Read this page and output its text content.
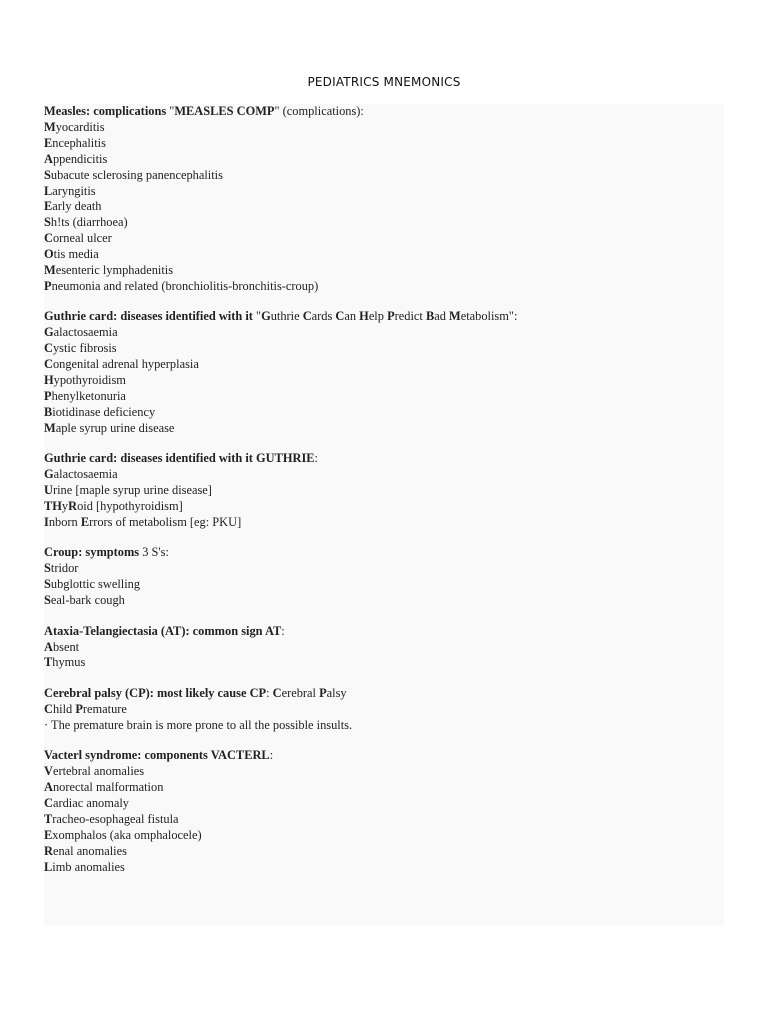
PEDIATRICS MNEMONICS
Measles: complications "MEASLES COMP" (complications):
Myocarditis
Encephalitis
Appendicitis
Subacute sclerosing panencephalitis
Laryngitis
Early death
Sh!ts (diarrhoea)
Corneal ulcer
Otis media
Mesenteric lymphadenitis
Pneumonia and related (bronchiolitis-bronchitis-croup)
Guthrie card: diseases identified with it "Guthrie Cards Can Help Predict Bad Metabolism":
Galactosaemia
Cystic fibrosis
Congenital adrenal hyperplasia
Hypothyroidism
Phenylketonuria
Biotidinase deficiency
Maple syrup urine disease
Guthrie card: diseases identified with it GUTHRIE:
Galactosaemia
Urine [maple syrup urine disease]
THyRoid [hypothyroidism]
Inborn Errors of metabolism [eg: PKU]
Croup: symptoms 3 S's:
Stridor
Subglottic swelling
Seal-bark cough
Ataxia-Telangiectasia (AT): common sign AT:
Absent
Thymus
Cerebral palsy (CP): most likely cause CP: Cerebral Palsy
Child Premature
· The premature brain is more prone to all the possible insults.
Vacterl syndrome: components VACTERL:
Vertebral anomalies
Anorectal malformation
Cardiac anomaly
Tracheo-esophageal fistula
Exomphalos (aka omphalocele)
Renal anomalies
Limb anomalies
